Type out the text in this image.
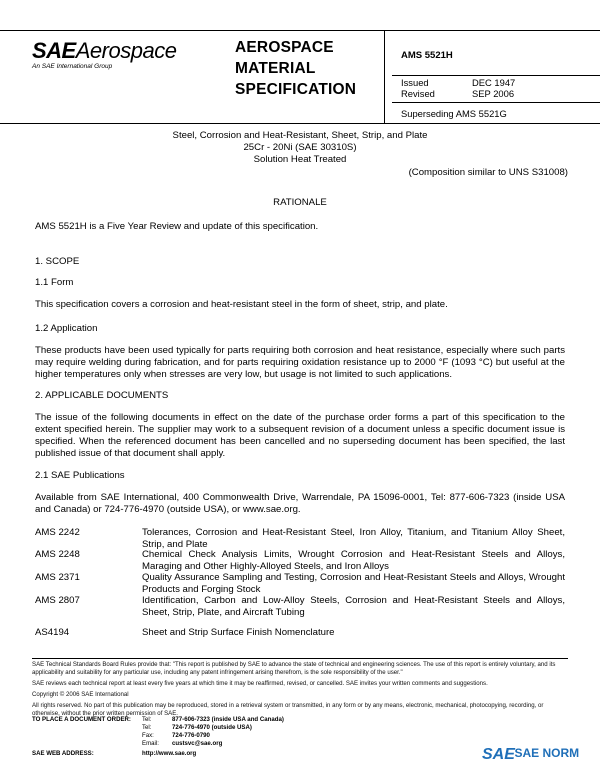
SAEAerospace
An SAE International Group
AEROSPACE
MATERIAL
SPECIFICATION
AMS 5521H
Issued	DEC 1947
Revised	SEP 2006
Superseding AMS 5521G
Steel, Corrosion and Heat-Resistant, Sheet, Strip, and Plate
25Cr - 20Ni (SAE 30310S)
Solution Heat Treated
(Composition similar to UNS S31008)
RATIONALE
AMS 5521H is a Five Year Review and update of this specification.
1. SCOPE
1.1 Form
This specification covers a corrosion and heat-resistant steel in the form of sheet, strip, and plate.
1.2 Application
These products have been used typically for parts requiring both corrosion and heat resistance, especially where such parts may require welding during fabrication, and for parts requiring oxidation resistance up to 2000 °F (1093 °C) but useful at the higher temperatures only when stresses are very low, but usage is not limited to such applications.
2. APPLICABLE DOCUMENTS
The issue of the following documents in effect on the date of the purchase order forms a part of this specification to the extent specified herein. The supplier may work to a subsequent revision of a document unless a specific document issue is specified. When the referenced document has been cancelled and no superseding document has been specified, the last published issue of that document shall apply.
2.1 SAE Publications
Available from SAE International, 400 Commonwealth Drive, Warrendale, PA 15096-0001, Tel: 877-606-7323 (inside USA and Canada) or 724-776-4970 (outside USA), or www.sae.org.
AMS 2242	Tolerances, Corrosion and Heat-Resistant Steel, Iron Alloy, Titanium, and Titanium Alloy Sheet, Strip, and Plate
AMS 2248	Chemical Check Analysis Limits, Wrought Corrosion and Heat-Resistant Steels and Alloys, Maraging and Other Highly-Alloyed Steels, and Iron Alloys
AMS 2371	Quality Assurance Sampling and Testing, Corrosion and Heat-Resistant Steels and Alloys, Wrought Products and Forging Stock
AMS 2807	Identification, Carbon and Low-Alloy Steels, Corrosion and Heat-Resistant Steels and Alloys, Sheet, Strip, Plate, and Aircraft Tubing
AS4194	Sheet and Strip Surface Finish Nomenclature
SAE Technical Standards Board Rules provide that: "This report is published by SAE to advance the state of technical and engineering sciences. The use of this report is entirely voluntary, and its applicability and suitability for any particular use, including any patent infringement arising therefrom, is the sole responsibility of the user."
SAE reviews each technical report at least every five years at which time it may be reaffirmed, revised, or cancelled. SAE invites your written comments and suggestions.
Copyright © 2006 SAE International
All rights reserved. No part of this publication may be reproduced, stored in a retrieval system or transmitted, in any form or by any means, electronic, mechanical, photocopying, recording, or otherwise, without the prior written permission of SAE.
TO PLACE A DOCUMENT ORDER:	Tel:	877-606-7323 (inside USA and Canada)
	Tel:	724-776-4970 (outside USA)
	Fax:	724-776-0790
	Email:	custsvc@sae.org
SAE WEB ADDRESS:	http://www.sae.org		SAE SAE NORM
